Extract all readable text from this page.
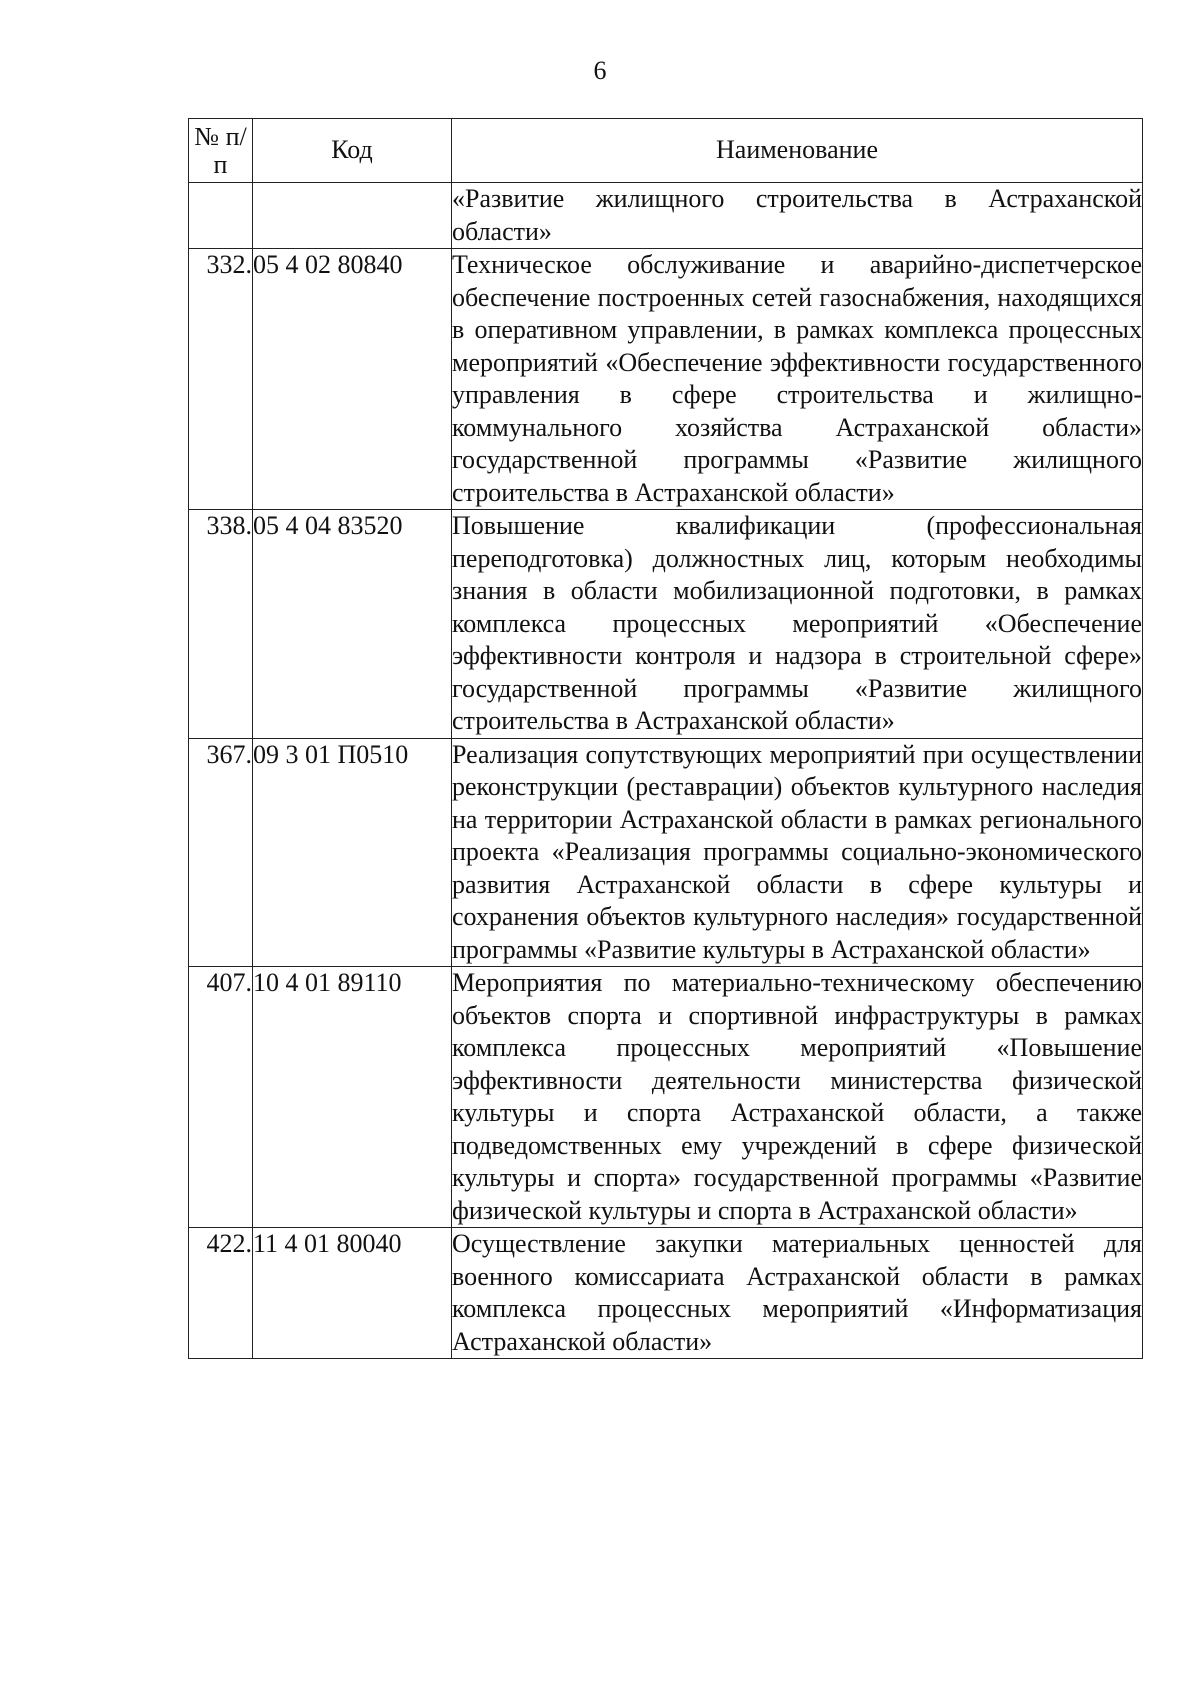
6
№ п/п	Код	Наименование
		«Развитие жилищного строительства в Астраханской области»
332.	05 4 02 80840	Техническое обслуживание и аварийно-диспетчерское обеспечение построенных сетей газоснабжения, находящихся в оперативном управлении, в рамках комплекса процессных мероприятий «Обеспечение эффективности государственного управления в сфере строительства и жилищно-коммунального хозяйства Астраханской области» государственной программы «Развитие жилищного строительства в Астраханской области»
338.	05 4 04 83520	Повышение квалификации (профессиональная переподготовка) должностных лиц, которым необходимы знания в области мобилизационной подготовки, в рамках комплекса процессных мероприятий «Обеспечение эффективности контроля и надзора в строительной сфере» государственной программы «Развитие жилищного строительства в Астраханской области»
367.	09 3 01 П0510	Реализация сопутствующих мероприятий при осуществлении реконструкции (реставрации) объектов культурного наследия на территории Астраханской области в рамках регионального проекта «Реализация программы социально-экономического развития Астраханской области в сфере культуры и сохранения объектов культурного наследия» государственной программы «Развитие культуры в Астраханской области»
407.	10 4 01 89110	Мероприятия по материально-техническому обеспечению объектов спорта и спортивной инфраструктуры в рамках комплекса процессных мероприятий «Повышение эффективности деятельности министерства физической культуры и спорта Астраханской области, а также подведомственных ему учреждений в сфере физической культуры и спорта» государственной программы «Развитие физической культуры и спорта в Астраханской области»
422.	11 4 01 80040	Осуществление закупки материальных ценностей для военного комиссариата Астраханской области в рамках комплекса процессных мероприятий «Информатизация Астраханской области»
